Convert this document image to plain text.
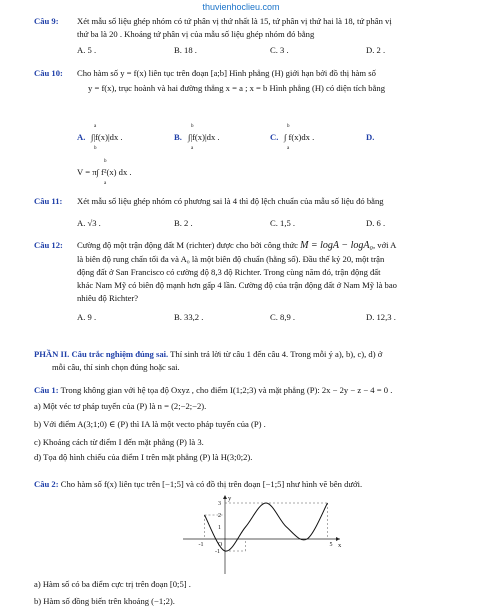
thuvienhoclieu.com
Câu 9: Xét mẫu số liệu ghép nhóm có tứ phân vị thứ nhất là 15, tứ phân vị thứ hai là 18, tứ phân vị
thứ ba là 20 . Khoảng tứ phân vị của mẫu số liệu ghép nhóm đó bằng
A. 5 .	B. 18 .	C. 3 .	D. 2 .
Câu 10: Cho hàm số y = f(x) liên tục trên đoạn [a;b] Hình phẳng (H) giới hạn bởi đồ thị hàm số
y = f(x), trục hoành và hai đường thẳng x = a ; x = b Hình phẳng (H) có diện tích bằng
A. ∫|f(x)|dx .
a
b
B. ∫|f(x)|dx .
b
a
C. ∫ f(x)dx .
b
a
D.
V = π∫ f²(x) dx .
b
a
Câu 11: Xét mẫu số liệu ghép nhóm có phương sai là 4 thì độ lệch chuẩn của mẫu số liệu đó bằng
A. √3 .	B. 2 .	C. 1,5 .	D. 6 .
Câu 12: Cường độ một trận động đất M (richter) được cho bởi công thức M = logA − logA₀, với A
là biên độ rung chấn tối đa và A₀ là một biên độ chuẩn (hằng số). Đầu thế kỷ 20, một trận
động đất ở San Francisco có cường độ 8,3 độ Richter. Trong cùng năm đó, trận động đất
khác Nam Mỹ có biên độ mạnh hơn gấp 4 lần. Cường độ của trận động đất ở Nam Mỹ là bao
nhiêu độ Richter?
A. 9 .	B. 33,2 .	C. 8,9 .	D. 12,3 .
PHẦN II. Câu trắc nghiệm đúng sai. Thí sinh trả lời từ câu 1 đến câu 4. Trong mỗi ý a), b), c), d) ở
mỗi câu, thí sinh chọn đúng hoặc sai.
Câu 1: Trong không gian với hệ tọa độ Oxyz , cho điểm I(1;2;3) và mặt phẳng (P): 2x − 2y − z − 4 = 0 .
a) Một véc tơ pháp tuyến của (P) là n = (2;−2;−2).
b) Với điểm A(3;1;0) ∈ (P) thì IA là một vecto pháp tuyến của (P) .
c) Khoảng cách từ điểm I đến mặt phẳng (P) là 3.
d) Tọa độ hình chiếu của điểm I trên mặt phẳng (P) là H(3;0;2).
Câu 2: Cho hàm số f(x) liên tục trên [−1;5] và có đồ thị trên đoạn [−1;5] như hình vẽ bên dưới.
y
x
O
3
2
1
-1
-1	5
a) Hàm số có ba điểm cực trị trên đoạn [0;5] .
b) Hàm số đồng biến trên khoảng (−1;2).
